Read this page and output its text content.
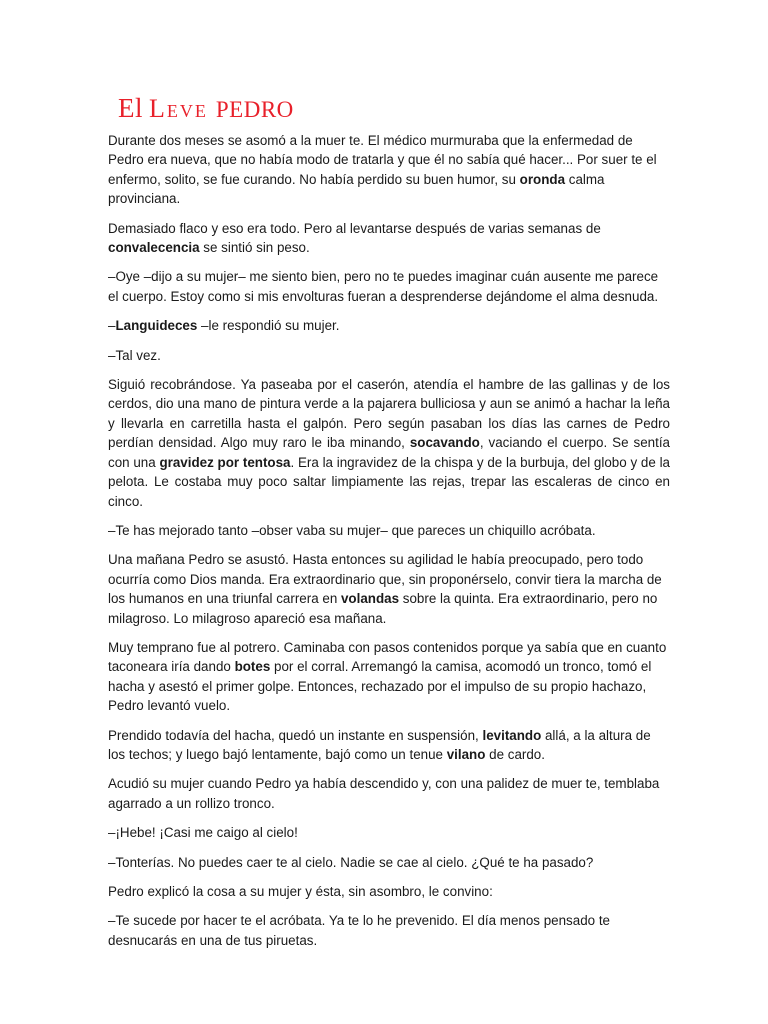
El Leve PEDRO

Durante dos meses se asomó a la muer te. El médico murmuraba que la enfermedad de Pedro era nueva, que no había modo de tratarla y que él no sabía qué hacer... Por suer te el enfermo, solito, se fue curando. No había perdido su buen humor, su oronda calma provinciana.

Demasiado flaco y eso era todo. Pero al levantarse después de varias semanas de convalecencia se sintió sin peso.

–Oye –dijo a su mujer– me siento bien, pero no te puedes imaginar cuán ausente me parece el cuerpo. Estoy como si mis envolturas fueran a desprenderse dejándome el alma desnuda.

–Languideces –le respondió su mujer.

–Tal vez.

Siguió recobrándose. Ya paseaba por el caserón, atendía el hambre de las gallinas y de los cerdos, dio una mano de pintura verde a la pajarera bulliciosa y aun se animó a hachar la leña y llevarla en carretilla hasta el galpón. Pero según pasaban los días las carnes de Pedro perdían densidad. Algo muy raro le iba minando, socavando, vaciando el cuerpo. Se sentía con una gravidez por tentosa. Era la ingravidez de la chispa y de la burbuja, del globo y de la pelota. Le costaba muy poco saltar limpiamente las rejas, trepar las escaleras de cinco en cinco.

–Te has mejorado tanto –obser vaba su mujer– que pareces un chiquillo acróbata.

Una mañana Pedro se asustó. Hasta entonces su agilidad le había preocupado, pero todo ocurría como Dios manda. Era extraordinario que, sin proponérselo, convir tiera la marcha de los humanos en una triunfal carrera en volandas sobre la quinta. Era extraordinario, pero no milagroso. Lo milagroso apareció esa mañana.

Muy temprano fue al potrero. Caminaba con pasos contenidos porque ya sabía que en cuanto taconeara iría dando botes por el corral. Arremangó la camisa, acomodó un tronco, tomó el hacha y asestó el primer golpe. Entonces, rechazado por el impulso de su propio hachazo, Pedro levantó vuelo.

Prendido todavía del hacha, quedó un instante en suspensión, levitando allá, a la altura de los techos; y luego bajó lentamente, bajó como un tenue vilano de cardo.

Acudió su mujer cuando Pedro ya había descendido y, con una palidez de muer te, temblaba agarrado a un rollizo tronco.

–¡Hebe! ¡Casi me caigo al cielo!

–Tonterías. No puedes caer te al cielo. Nadie se cae al cielo. ¿Qué te ha pasado?

Pedro explicó la cosa a su mujer y ésta, sin asombro, le convino:

–Te sucede por hacer te el acróbata. Ya te lo he prevenido. El día menos pensado te desnucarás en una de tus piruetas.
